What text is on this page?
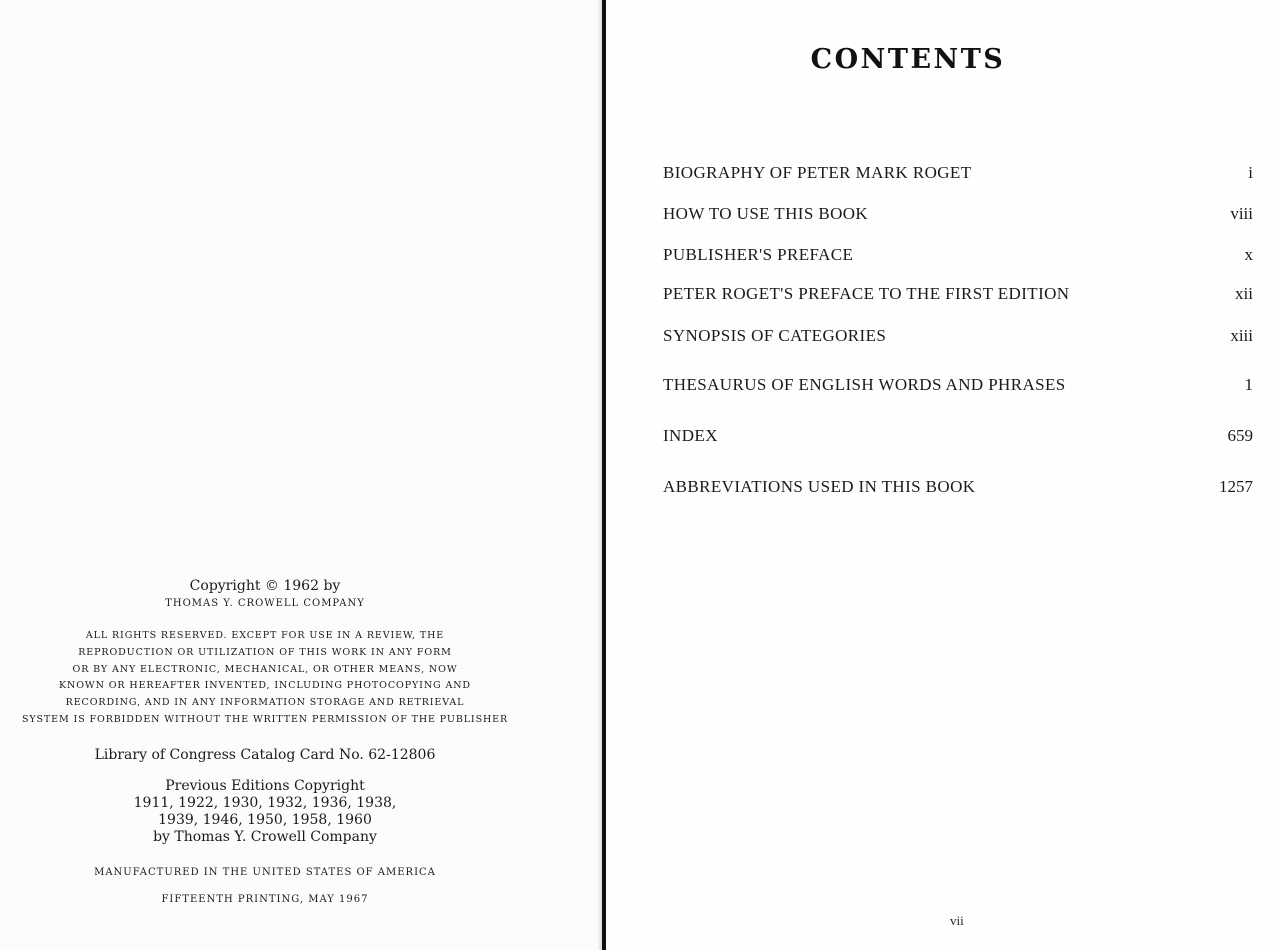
Copyright © 1962 by
THOMAS Y. CROWELL COMPANY
ALL RIGHTS RESERVED. EXCEPT FOR USE IN A REVIEW, THE
REPRODUCTION OR UTILIZATION OF THIS WORK IN ANY FORM
OR BY ANY ELECTRONIC, MECHANICAL, OR OTHER MEANS, NOW
KNOWN OR HEREAFTER INVENTED, INCLUDING PHOTOCOPYING AND
RECORDING, AND IN ANY INFORMATION STORAGE AND RETRIEVAL
SYSTEM IS FORBIDDEN WITHOUT THE WRITTEN PERMISSION OF THE PUBLISHER
Library of Congress Catalog Card No. 62-12806
Previous Editions Copyright
1911, 1922, 1930, 1932, 1936, 1938,
1939, 1946, 1950, 1958, 1960
by Thomas Y. Crowell Company
MANUFACTURED IN THE UNITED STATES OF AMERICA
FIFTEENTH PRINTING, MAY 1967
CONTENTS
BIOGRAPHY OF PETER MARK ROGET	i
HOW TO USE THIS BOOK	viii
PUBLISHER'S PREFACE	x
PETER ROGET'S PREFACE TO THE FIRST EDITION	xii
SYNOPSIS OF CATEGORIES	xiii
THESAURUS OF ENGLISH WORDS AND PHRASES	1
INDEX	659
ABBREVIATIONS USED IN THIS BOOK	1257
vii
